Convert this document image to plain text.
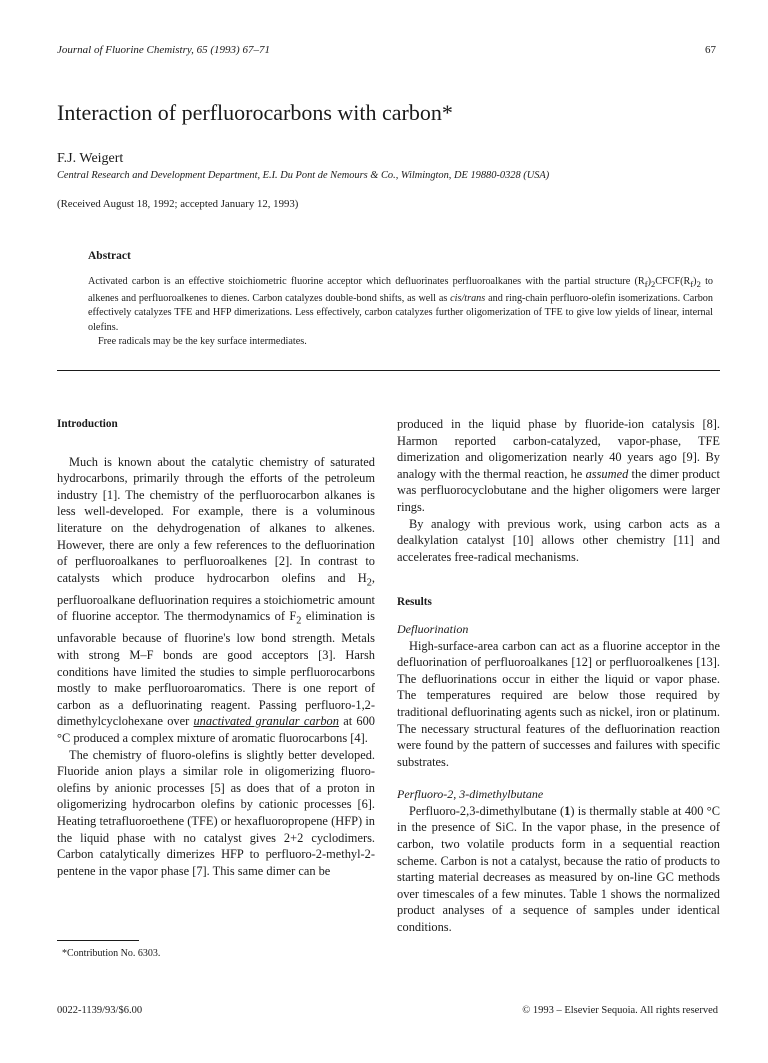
Journal of Fluorine Chemistry, 65 (1993) 67–71	67
Interaction of perfluorocarbons with carbon*
F.J. Weigert
Central Research and Development Department, E.I. Du Pont de Nemours & Co., Wilmington, DE 19880-0328 (USA)
(Received August 18, 1992; accepted January 12, 1993)
Abstract

Activated carbon is an effective stoichiometric fluorine acceptor which defluorinates perfluoroalkanes with the partial structure $(R_f)_2CFCF(R_f)_2$ to alkenes and perfluoroalkenes to dienes. Carbon catalyzes double-bond shifts, as well as cis/trans and ring-chain perfluoro-olefin isomerizations. Carbon effectively catalyzes TFE and HFP dimerizations. Less effectively, carbon catalyzes further oligomerization of TFE to give low yields of linear, internal olefins.

Free radicals may be the key surface intermediates.

Introduction

Much is known about the catalytic chemistry of saturated hydrocarbons, primarily through the efforts of the petroleum industry [1]. The chemistry of the perfluorocarbon alkanes is less well-developed. For example, there is a voluminous literature on the dehydrogenation of alkanes to alkenes. However, there are only a few references to the defluorination of perfluoroalkanes to perfluoroalkenes [2]. In contrast to catalysts which produce hydrocarbon olefins and $H_2$, perfluoroalkane defluorination requires a stoichiometric amount of fluorine acceptor. The thermodynamics of $F_2$ elimination is unfavorable because of fluorine's low bond strength. Metals with strong M–F bonds are good acceptors [3]. Harsh conditions have limited the studies to simple perfluorocarbons mostly to make perfluoroaromatics. There is one report of carbon as a defluorinating reagent. Passing perfluoro-1,2-dimethylcyclohexane over unactivated granular carbon at 600 °C produced a complex mixture of aromatic fluorocarbons [4].

The chemistry of fluoro-olefins is slightly better developed. Fluoride anion plays a similar role in oligomerizing fluoro-olefins by anionic processes [5] as does that of a proton in oligomerizing hydrocarbon olefins by cationic processes [6]. Heating tetrafluoroethene (TFE) or hexafluoropropene (HFP) in the liquid phase with no catalyst gives 2+2 cyclodimers. Carbon catalytically dimerizes HFP to perfluoro-2-methyl-2-pentene in the vapor phase [7]. This same dimer can be

produced in the liquid phase by fluoride-ion catalysis [8]. Harmon reported carbon-catalyzed, vapor-phase, TFE dimerization and oligomerization nearly 40 years ago [9]. By analogy with the thermal reaction, he assumed the dimer product was perfluorocyclobutane and the higher oligomers were larger rings.

By analogy with previous work, using carbon acts as a dealkylation catalyst [10] allows other chemistry [11] and accelerates free-radical mechanisms.

Results
Defluorination

High-surface-area carbon can act as a fluorine acceptor in the defluorination of perfluoroalkanes [12] or perfluoroalkenes [13]. The defluorinations occur in either the liquid or vapor phase. The temperatures required are below those required by traditional defluorinating agents such as nickel, iron or platinum. The necessary structural features of the defluorination reaction were found by the pattern of successes and failures with specific substrates.

Perfluoro-2, 3-dimethylbutane

Perfluoro-2,3-dimethylbutane (1) is thermally stable at 400 °C in the presence of SiC. In the vapor phase, in the presence of carbon, two volatile products form in a sequential reaction scheme. Carbon is not a catalyst, because the ratio of products to starting material decreases as measured by on-line GC methods over timescales of a few minutes. Table 1 shows the normalized product analyses of a sequence of samples under identical conditions.

*Contribution No. 6303.
0022-1139/93/$6.00	© 1993 – Elsevier Sequoia. All rights reserved
